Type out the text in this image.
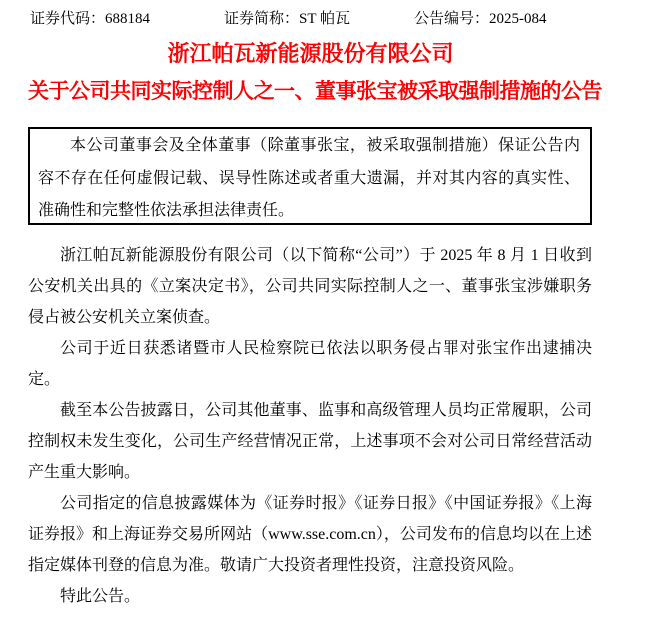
证券代码：688184	证券简称：ST 帕瓦	公告编号：2025-084
浙江帕瓦新能源股份有限公司
关于公司共同实际控制人之一、董事张宝被采取强制措施的公告

本公司董事会及全体董事（除董事张宝，被采取强制措施）保证公告内容不存在任何虚假记载、误导性陈述或者重大遗漏，并对其内容的真实性、准确性和完整性依法承担法律责任。

浙江帕瓦新能源股份有限公司（以下简称“公司”）于 2025 年 8 月 1 日收到公安机关出具的《立案决定书》，公司共同实际控制人之一、董事张宝涉嫌职务侵占被公安机关立案侦查。

公司于近日获悉诸暨市人民检察院已依法以职务侵占罪对张宝作出逮捕决定。

截至本公告披露日，公司其他董事、监事和高级管理人员均正常履职，公司控制权未发生变化，公司生产经营情况正常，上述事项不会对公司日常经营活动产生重大影响。

公司指定的信息披露媒体为《证券时报》《证券日报》《中国证券报》《上海证券报》和上海证券交易所网站（www.sse.com.cn），公司发布的信息均以在上述指定媒体刊登的信息为准。敬请广大投资者理性投资，注意投资风险。

特此公告。
